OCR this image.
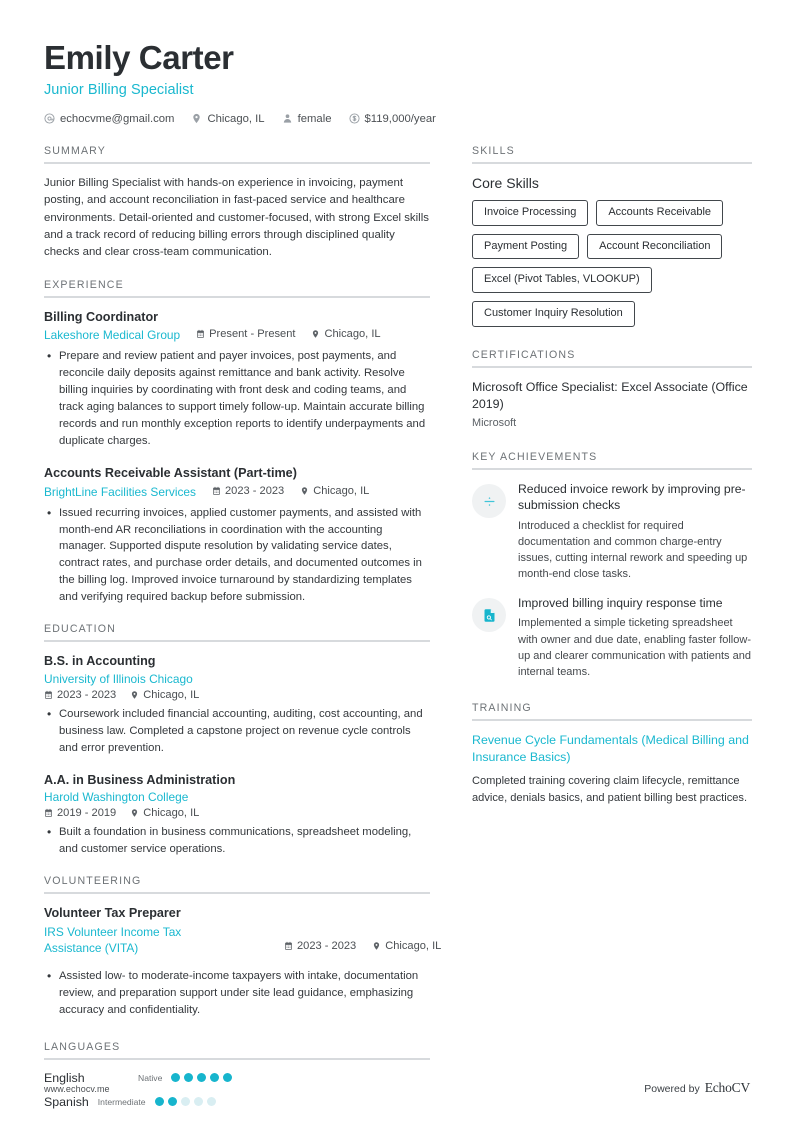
Emily Carter
Junior Billing Specialist
echocvme@gmail.com	Chicago, IL	female	$119,000/year
SUMMARY
Junior Billing Specialist with hands-on experience in invoicing, payment posting, and account reconciliation in fast-paced service and healthcare environments. Detail-oriented and customer-focused, with strong Excel skills and a track record of reducing billing errors through disciplined quality checks and clear cross-team communication.
EXPERIENCE
Billing Coordinator
Lakeshore Medical Group	Present - Present	Chicago, IL
• Prepare and review patient and payer invoices, post payments, and reconcile daily deposits against remittance and bank activity. Resolve billing inquiries by coordinating with front desk and coding teams, and track aging balances to support timely follow-up. Maintain accurate billing records and run monthly exception reports to identify underpayments and duplicate charges.
Accounts Receivable Assistant (Part-time)
BrightLine Facilities Services	2023 - 2023	Chicago, IL
• Issued recurring invoices, applied customer payments, and assisted with month-end AR reconciliations in coordination with the accounting manager. Supported dispute resolution by validating service dates, contract rates, and purchase order details, and documented outcomes in the billing log. Improved invoice turnaround by standardizing templates and verifying required backup before submission.
EDUCATION
B.S. in Accounting
University of Illinois Chicago
2023 - 2023 Chicago, IL
• Coursework included financial accounting, auditing, cost accounting, and business law. Completed a capstone project on revenue cycle controls and error prevention.
A.A. in Business Administration
Harold Washington College
2019 - 2019 Chicago, IL
• Built a foundation in business communications, spreadsheet modeling, and customer service operations.
VOLUNTEERING
Volunteer Tax Preparer
IRS Volunteer Income Tax Assistance (VITA)	2023 - 2023	Chicago, IL
• Assisted low- to moderate-income taxpayers with intake, documentation review, and preparation support under site lead guidance, emphasizing accuracy and confidentiality.
LANGUAGES
English	Native
Spanish Intermediate
SKILLS
Core Skills
Invoice Processing	Accounts Receivable
Payment Posting	Account Reconciliation
Excel (Pivot Tables, VLOOKUP)
Customer Inquiry Resolution
CERTIFICATIONS
Microsoft Office Specialist: Excel Associate (Office 2019)
Microsoft
KEY ACHIEVEMENTS
Reduced invoice rework by improving pre-submission checks
Introduced a checklist for required documentation and common charge-entry issues, cutting internal rework and speeding up month-end close tasks.
Improved billing inquiry response time
Implemented a simple ticketing spreadsheet with owner and due date, enabling faster follow-up and clearer communication with patients and internal teams.
TRAINING
Revenue Cycle Fundamentals (Medical Billing and Insurance Basics)
Completed training covering claim lifecycle, remittance advice, denials basics, and patient billing best practices.
www.echocv.me	Powered by EchoCV
